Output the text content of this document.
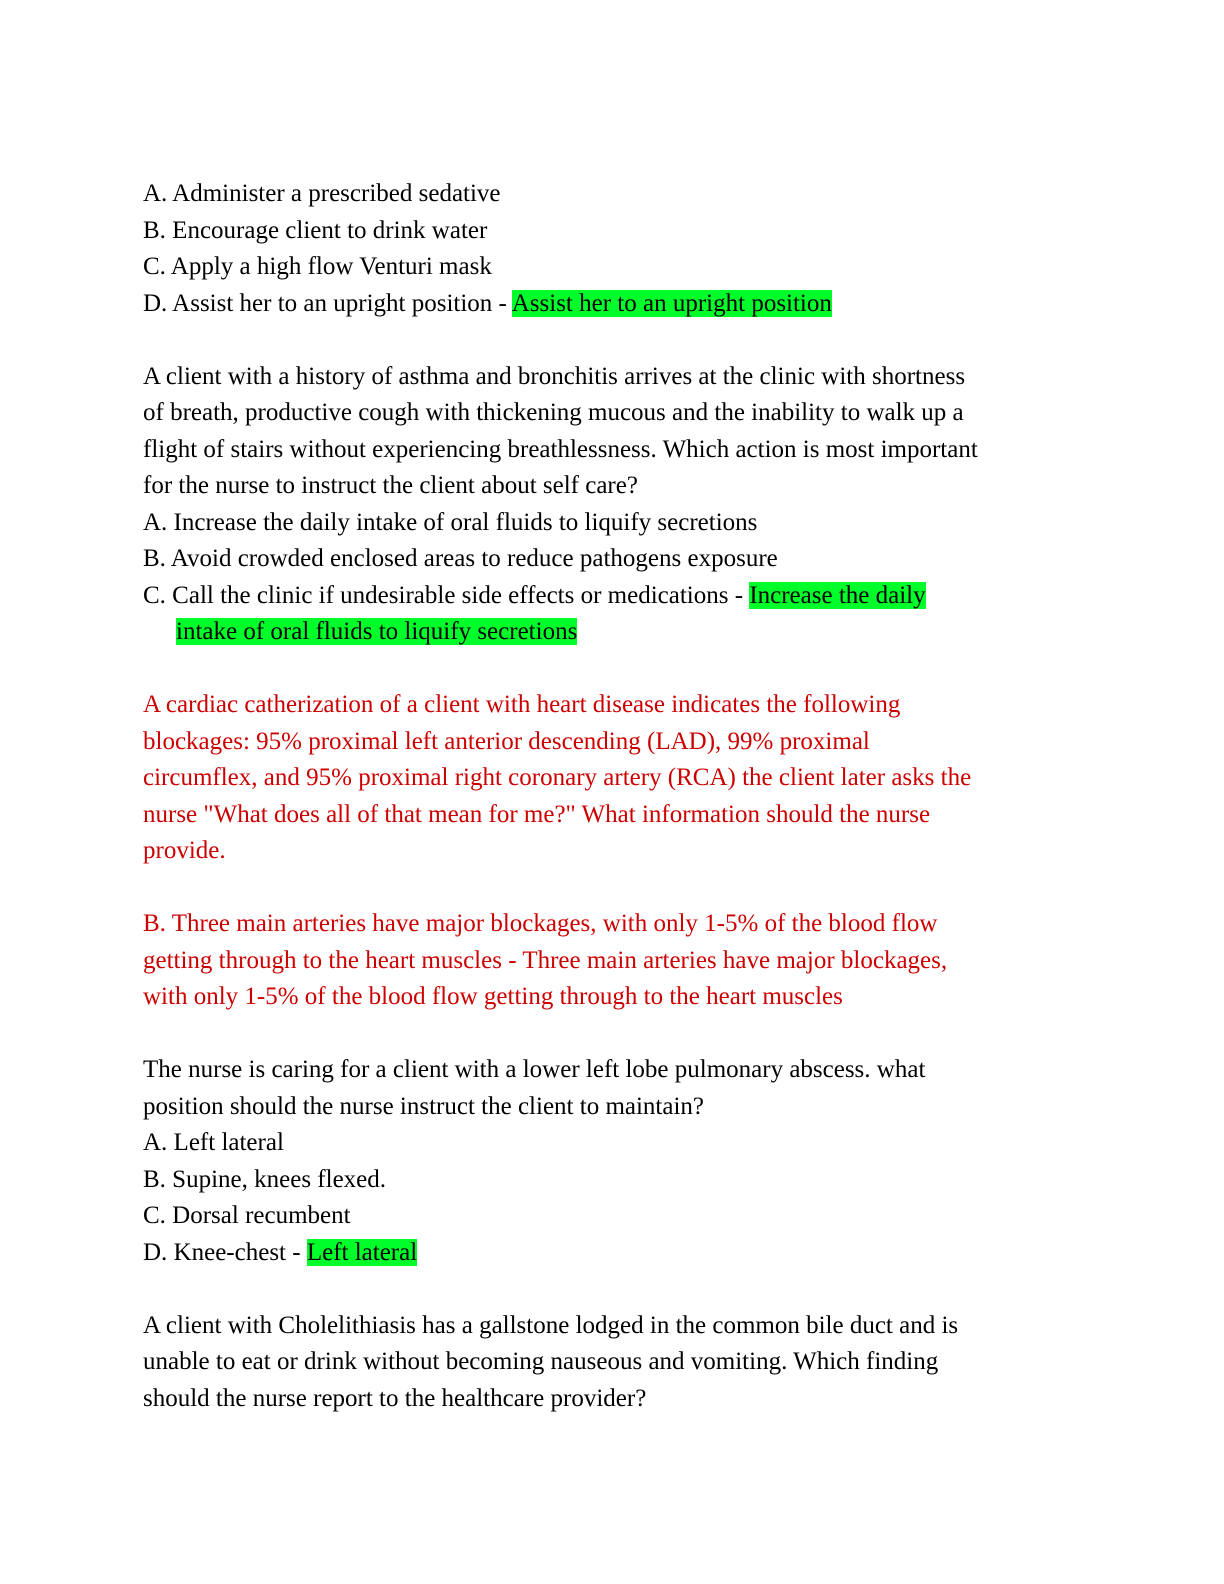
A. Administer a prescribed sedative
B. Encourage client to drink water
C. Apply a high flow Venturi mask
D. Assist her to an upright position - Assist her to an upright position
A client with a history of asthma and bronchitis arrives at the clinic with shortness
of breath, productive cough with thickening mucous and the inability to walk up a
flight of stairs without experiencing breathlessness. Which action is most important
for the nurse to instruct the client about self care?
A. Increase the daily intake of oral fluids to liquify secretions
B. Avoid crowded enclosed areas to reduce pathogens exposure
C. Call the clinic if undesirable side effects or medications - Increase the daily
intake of oral fluids to liquify secretions
A cardiac catherization of a client with heart disease indicates the following
blockages: 95% proximal left anterior descending (LAD), 99% proximal
circumflex, and 95% proximal right coronary artery (RCA) the client later asks the
nurse "What does all of that mean for me?" What information should the nurse
provide.
B. Three main arteries have major blockages, with only 1-5% of the blood flow
getting through to the heart muscles - Three main arteries have major blockages,
with only 1-5% of the blood flow getting through to the heart muscles
The nurse is caring for a client with a lower left lobe pulmonary abscess. what
position should the nurse instruct the client to maintain?
A. Left lateral
B. Supine, knees flexed.
C. Dorsal recumbent
D. Knee-chest - Left lateral
A client with Cholelithiasis has a gallstone lodged in the common bile duct and is
unable to eat or drink without becoming nauseous and vomiting. Which finding
should the nurse report to the healthcare provider?
